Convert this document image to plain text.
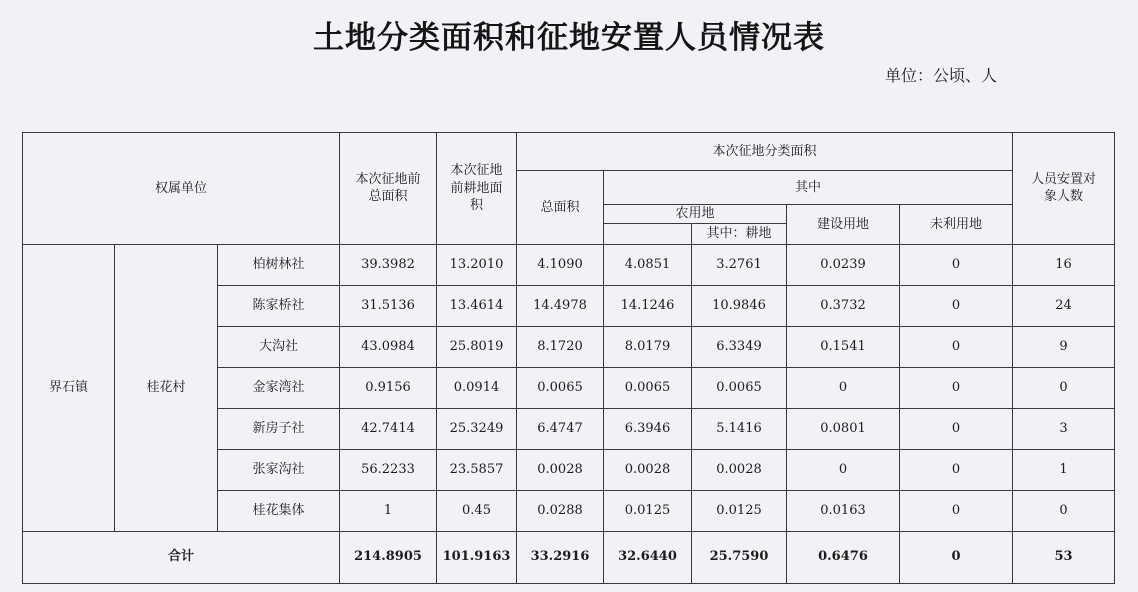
土地分类面积和征地安置人员情况表
单位：公顷、人
权属单位			本次征地前总面积	本次征地前耕地面积	本次征地分类面积					人员安置对象人数
					总面积	其中				
						农用地		建设用地	未利用地	
							其中：耕地			
界石镇	桂花村	柏树林社	39.3982	13.2010	4.1090	4.0851	3.2761	0.0239	0	16
		陈家桥社	31.5136	13.4614	14.4978	14.1246	10.9846	0.3732	0	24
		大沟社	43.0984	25.8019	8.1720	8.0179	6.3349	0.1541	0	9
		金家湾社	0.9156	0.0914	0.0065	0.0065	0.0065	0	0	0
		新房子社	42.7414	25.3249	6.4747	6.3946	5.1416	0.0801	0	3
		张家沟社	56.2233	23.5857	0.0028	0.0028	0.0028	0	0	1
		桂花集体	1	0.45	0.0288	0.0125	0.0125	0.0163	0	0
合计			214.8905	101.9163	33.2916	32.6440	25.7590	0.6476	0	53
